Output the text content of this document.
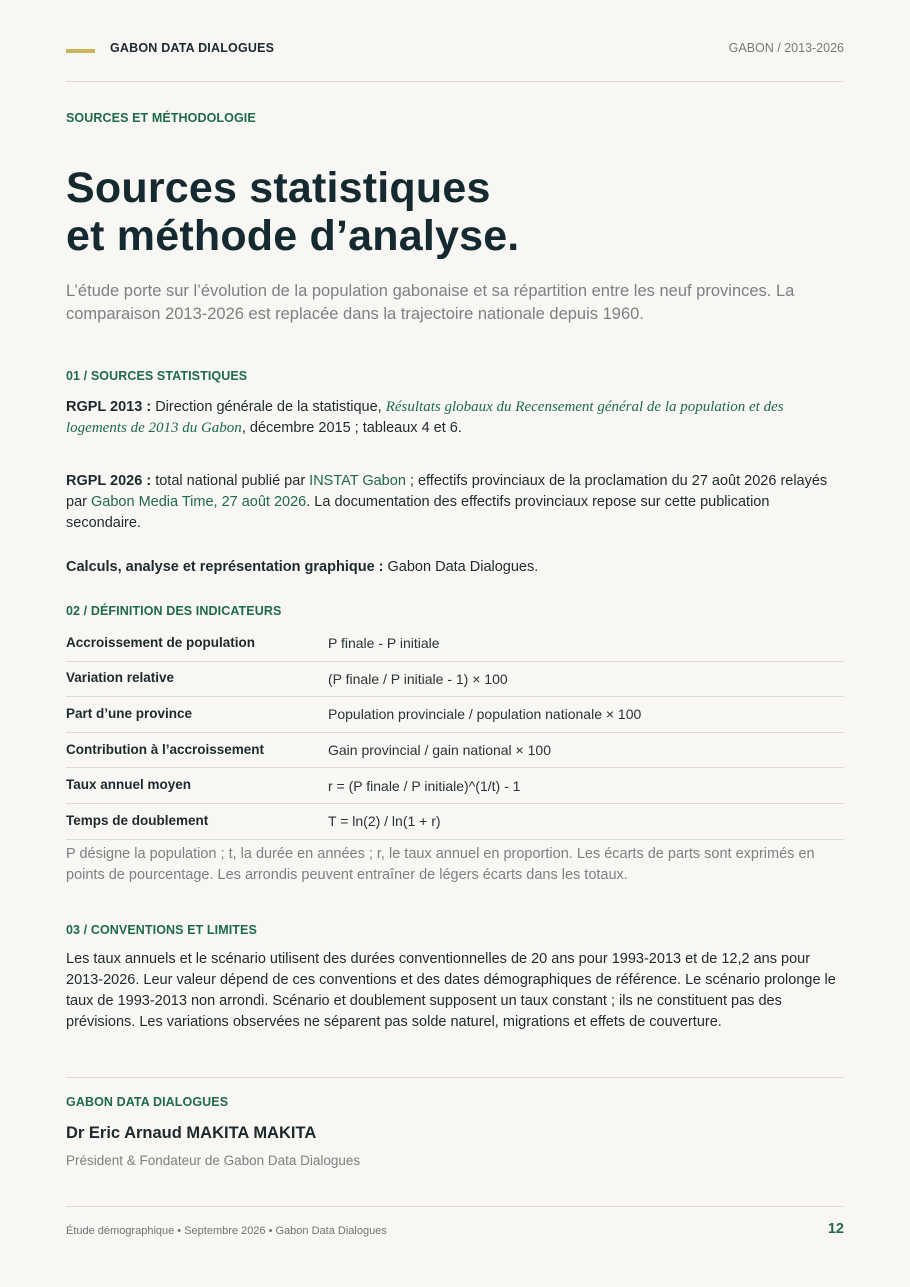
GABON DATA DIALOGUES	GABON / 2013-2026
SOURCES ET MÉTHODOLOGIE
Sources statistiques
et méthode d’analyse.

L’étude porte sur l’évolution de la population gabonaise et sa répartition entre les neuf provinces. La comparaison 2013-2026 est replacée dans la trajectoire nationale depuis 1960.

01 / SOURCES STATISTIQUES

RGPL 2013 : Direction générale de la statistique, Résultats globaux du Recensement général de la population et des logements de 2013 du Gabon, décembre 2015 ; tableaux 4 et 6.

RGPL 2026 : total national publié par INSTAT Gabon ; effectifs provinciaux de la proclamation du 27 août 2026 relayés par Gabon Media Time, 27 août 2026. La documentation des effectifs provinciaux repose sur cette publication secondaire.

Calculs, analyse et représentation graphique : Gabon Data Dialogues.

02 / DÉFINITION DES INDICATEURS
Accroissement de population	P finale - P initiale
Variation relative	(P finale / P initiale - 1) × 100
Part d’une province	Population provinciale / population nationale × 100
Contribution à l’accroissement	Gain provincial / gain national × 100
Taux annuel moyen	r = (P finale / P initiale)^(1/t) - 1
Temps de doublement	T = ln(2) / ln(1 + r)

P désigne la population ; t, la durée en années ; r, le taux annuel en proportion. Les écarts de parts sont exprimés en points de pourcentage. Les arrondis peuvent entraîner de légers écarts dans les totaux.

03 / CONVENTIONS ET LIMITES

Les taux annuels et le scénario utilisent des durées conventionnelles de 20 ans pour 1993-2013 et de 12,2 ans pour 2013-2026. Leur valeur dépend de ces conventions et des dates démographiques de référence. Le scénario prolonge le taux de 1993-2013 non arrondi. Scénario et doublement supposent un taux constant ; ils ne constituent pas des prévisions. Les variations observées ne séparent pas solde naturel, migrations et effets de couverture.

GABON DATA DIALOGUES
Dr Eric Arnaud MAKITA MAKITA
Président & Fondateur de Gabon Data Dialogues
Étude démographique • Septembre 2026 • Gabon Data Dialogues	12
